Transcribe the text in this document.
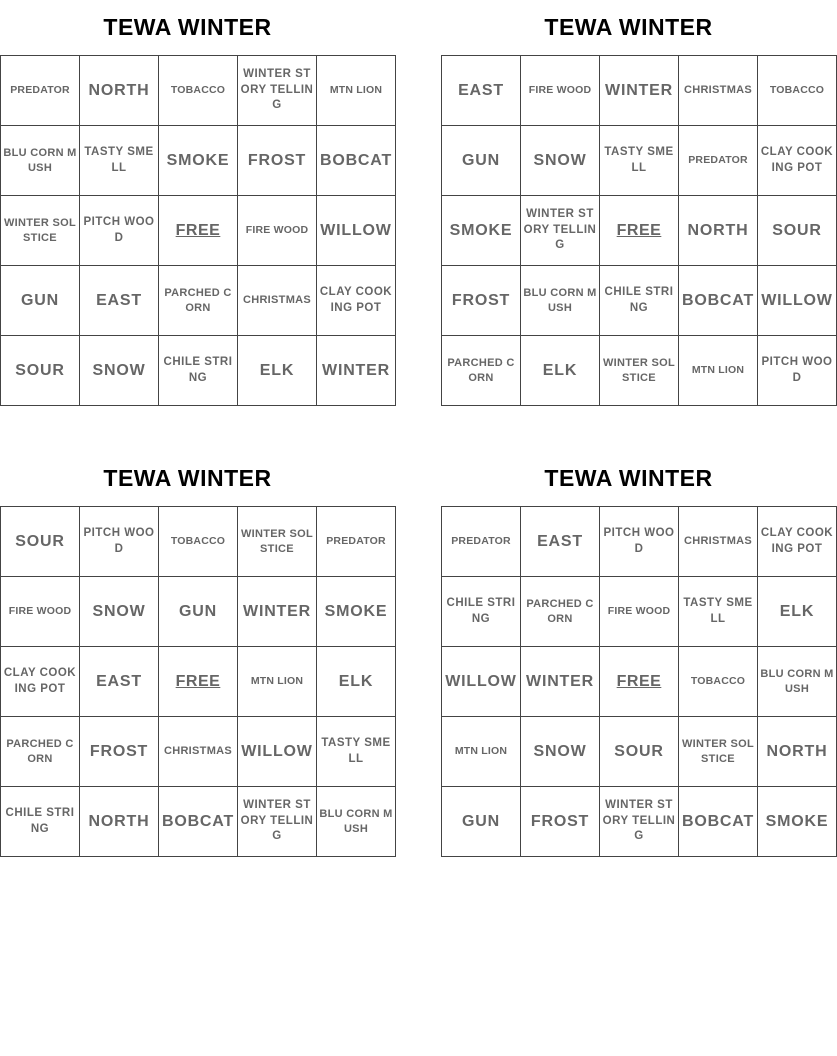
TEWA WINTER
PREDATOR	NORTH	TOBACCO	WINTER STORY TELLING	MTN LION
BLU CORN MUSH	TASTY SMELL	SMOKE	FROST	BOBCAT
WINTER SOLSTICE	PITCH WOOD	FREE	FIRE WOOD	WILLOW
GUN	EAST	PARCHED CORN	CHRISTMAS	CLAY COOKING POT
SOUR	SNOW	CHILE STRING	ELK	WINTER
TEWA WINTER
EAST	FIRE WOOD	WINTER	CHRISTMAS	TOBACCO
GUN	SNOW	TASTY SMELL	PREDATOR	CLAY COOKING POT
SMOKE	WINTER STORY TELLING	FREE	NORTH	SOUR
FROST	BLU CORN MUSH	CHILE STRING	BOBCAT	WILLOW
PARCHED CORN	ELK	WINTER SOLSTICE	MTN LION	PITCH WOOD
TEWA WINTER
SOUR	PITCH WOOD	TOBACCO	WINTER SOLSTICE	PREDATOR
FIRE WOOD	SNOW	GUN	WINTER	SMOKE
CLAY COOKING POT	EAST	FREE	MTN LION	ELK
PARCHED CORN	FROST	CHRISTMAS	WILLOW	TASTY SMELL
CHILE STRING	NORTH	BOBCAT	WINTER STORY TELLING	BLU CORN MUSH
TEWA WINTER
PREDATOR	EAST	PITCH WOOD	CHRISTMAS	CLAY COOKING POT
CHILE STRING	PARCHED CORN	FIRE WOOD	TASTY SMELL	ELK
WILLOW	WINTER	FREE	TOBACCO	BLU CORN MUSH
MTN LION	SNOW	SOUR	WINTER SOLSTICE	NORTH
GUN	FROST	WINTER STORY TELLING	BOBCAT	SMOKE
